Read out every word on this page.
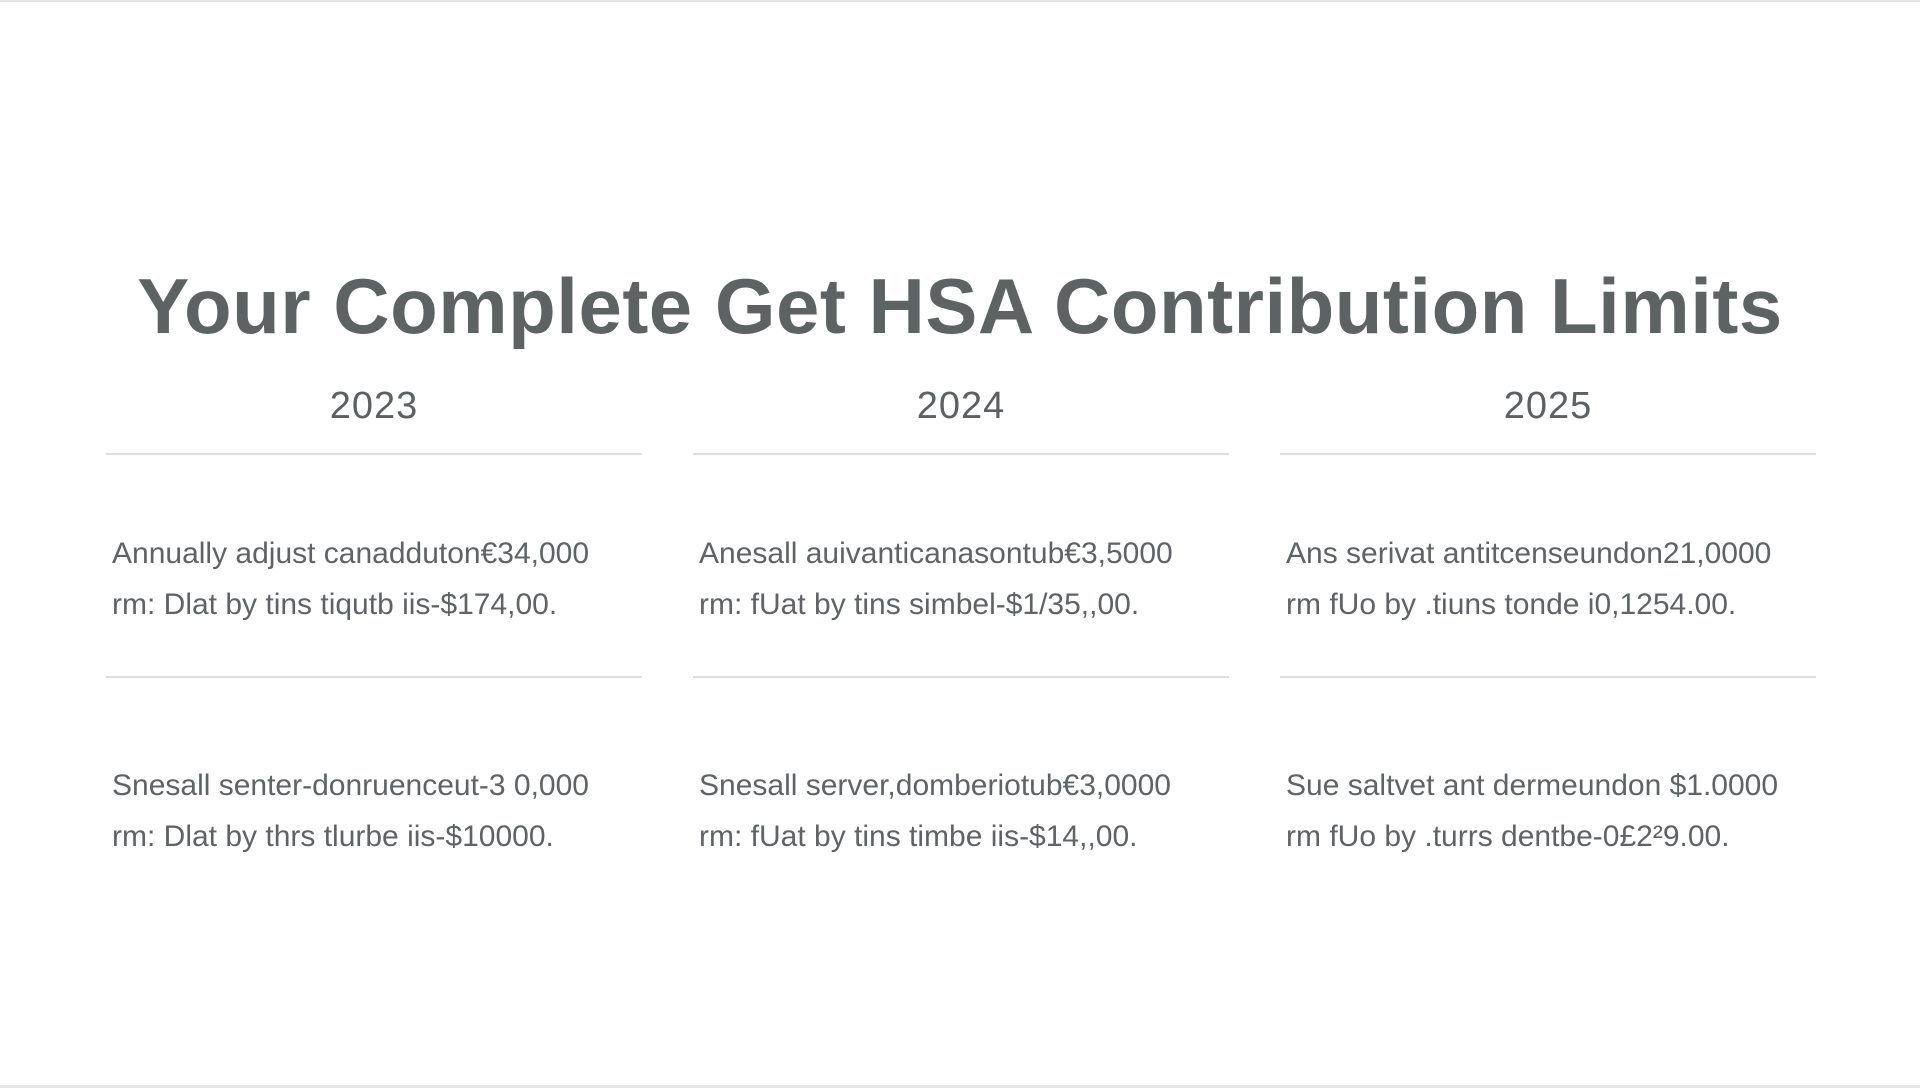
Your Complete Get HSA Contribution Limits
2023
Annually adjust canadduton€34,000
rm: Dlat by tins tiqutb iis-$174,00.
Snesall senter-donruenceut-3 0,000
rm: Dlat by thrs tlurbe iis-$10000.
2024
Anesall auivanticanasontub€3,5000
rm: fUat by tins simbel-$1/35,,00.
Snesall server,domberiotub€3,0000
rm: fUat by tins timbe iis-$14,,00.
2025
Ans serivat antitcenseundon21,0000
rm fUo by .tiuns tonde i0,1254.00.
Sue saltvet ant dermeundon $1.0000
rm fUo by .turrs dentbe-0£2²9.00.
